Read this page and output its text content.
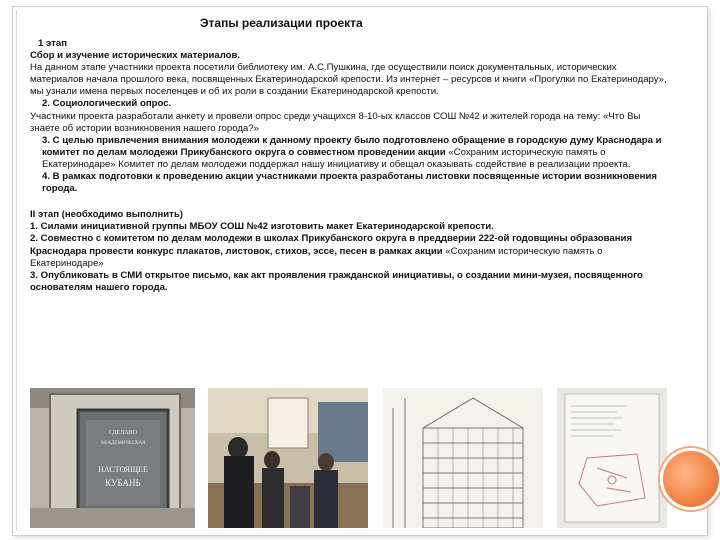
Этапы реализации проекта

1 этап

Сбор и изучение исторических материалов.

На данном этапе участники проекта посетили библиотеку им. А.С.Пушкина, где осуществили поиск документальных, исторических материалов начала прошлого века, посвященных Екатеринодарской крепости. Из интернет – ресурсов и книги «Прогулки по Екатеринодару», мы узнали имена первых поселенцев и об их роли в создании Екатеринодарской крепости.

2. Социологический опрос.

Участники проекта разработали анкету и провели опрос среди учащихся 8-10-ых классов СОШ №42 и жителей города на тему: «Что Вы знаете об истории возникновения нашего города?»

3. С целью привлечения внимания молодежи к данному проекту было подготовлено обращение в городскую думу Краснодара и комитет по делам молодежи Прикубанского округа о совместном проведении акции «Сохраним историческую память о Екатеринодаре» Комитет по делам молодежи поддержал нашу инициативу и обещал оказывать содействие в реализации проекта.

4. В рамках подготовки к проведению акции участниками проекта разработаны листовки посвященные истории возникновения города.

II этап (необходимо выполнить)

1. Силами инициативной группы МБОУ СОШ №42 изготовить макет Екатеринодарской крепости.

2. Совместно с комитетом по делам молодежи в школах Прикубанского округа в преддверии 222-ой годовщины образования Краснодара провести конкурс плакатов, листовок, стихов, эссе, песен в рамках акции «Сохраним историческую память о Екатеринодаре»

3. Опубликовать в СМИ открытое письмо, как акт проявления гражданской инициативы, о создании мини-музея, посвященного основателям нашего города.

СДЕЛАНО
АКАДЕМИЧЕСКАЯ
НАСТОЯЩЕЕ
КУБАНЬ
